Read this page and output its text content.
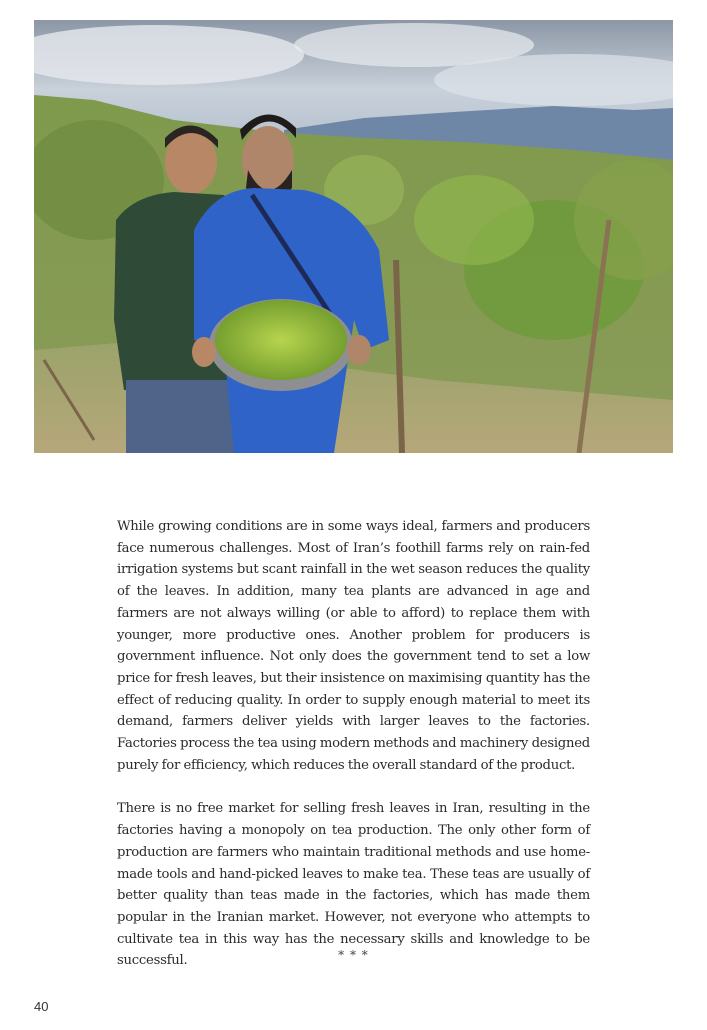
While growing conditions are in some ways ideal, farmers and producers face numerous challenges. Most of Iran’s foothill farms rely on rain-fed irrigation systems but scant rainfall in the wet season reduces the quality of the leaves. In addition, many tea plants are advanced in age and farmers are not always willing (or able to afford) to replace them with younger, more productive ones. Another problem for producers is government influence. Not only does the government tend to set a low price for fresh leaves, but their insistence on maximising quantity has the effect of reducing quality. In order to supply enough material to meet its demand, farmers deliver yields with larger leaves to the factories. Factories process the tea using modern methods and machinery designed purely for efficiency, which reduces the overall standard of the product.

There is no free market for selling fresh leaves in Iran, resulting in the factories having a monopoly on tea production. The only other form of production are farmers who maintain traditional methods and use home-made tools and hand-picked leaves to make tea. These teas are usually of better quality than teas made in the factories, which has made them popular in the Iranian market. However, not everyone who attempts to cultivate tea in this way has the necessary skills and knowledge to be successful.	* * *
40
